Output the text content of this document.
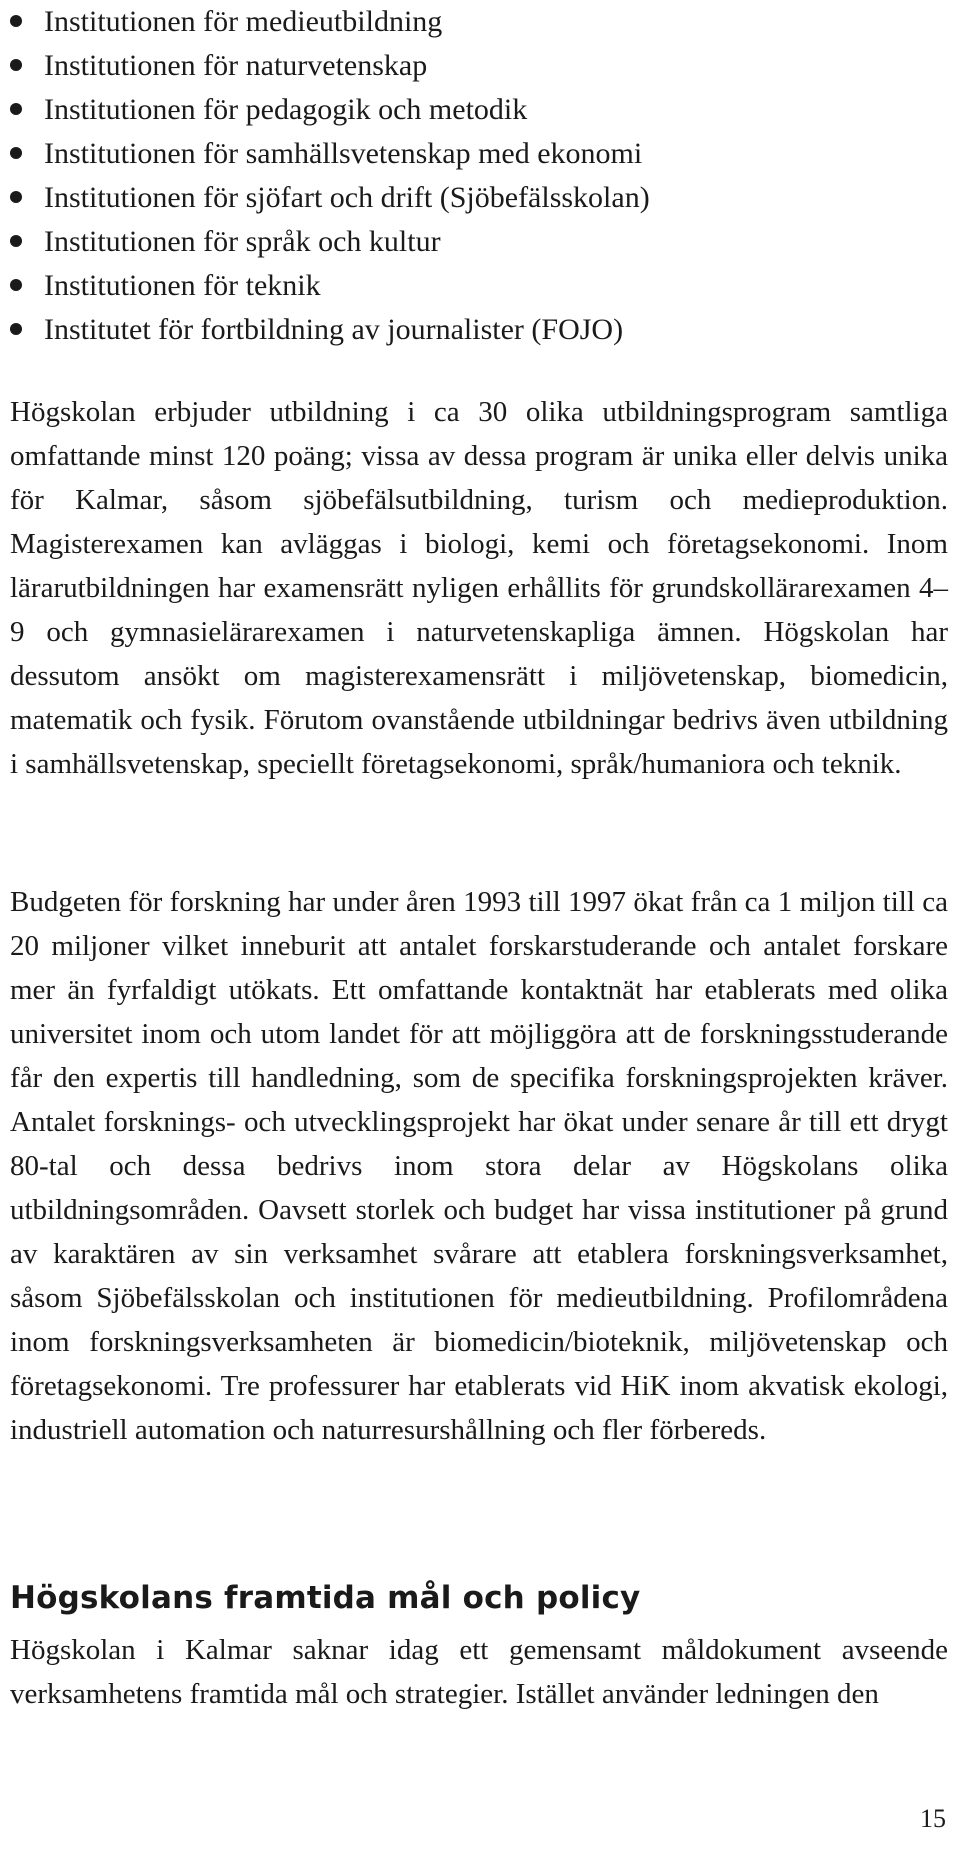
Institutionen för medieutbildning
Institutionen för naturvetenskap
Institutionen för pedagogik och metodik
Institutionen för samhällsvetenskap med ekonomi
Institutionen för sjöfart och drift (Sjöbefälsskolan)
Institutionen för språk och kultur
Institutionen för teknik
Institutet för fortbildning av journalister (FOJO)

Högskolan erbjuder utbildning i ca 30 olika utbildningsprogram samtliga omfattande minst 120 poäng; vissa av dessa program är unika eller delvis unika för Kalmar, såsom sjöbefälsutbildning, turism och medieproduktion. Magisterexamen kan avläggas i biologi, kemi och företagsekonomi. Inom lärarutbildningen har examensrätt nyligen erhållits för grundskollärarexamen 4–9 och gymnasielärarexamen i naturvetenskapliga ämnen. Högskolan har dessutom ansökt om magisterexamensrätt i miljövetenskap, biomedicin, matematik och fysik. Förutom ovanstående utbildningar bedrivs även utbildning i samhällsvetenskap, speciellt företagsekonomi, språk/humaniora och teknik.

Budgeten för forskning har under åren 1993 till 1997 ökat från ca 1 miljon till ca 20 miljoner vilket inneburit att antalet forskarstuderande och antalet forskare mer än fyrfaldigt utökats. Ett omfattande kontaktnät har etablerats med olika universitet inom och utom landet för att möjliggöra att de forskningsstuderande får den expertis till handledning, som de specifika forskningsprojekten kräver. Antalet forsknings- och utvecklingsprojekt har ökat under senare år till ett drygt 80-tal och dessa bedrivs inom stora delar av Högskolans olika utbildningsområden. Oavsett storlek och budget har vissa institutioner på grund av karaktären av sin verksamhet svårare att etablera forskningsverksamhet, såsom Sjöbefälsskolan och institutionen för medieutbildning. Profilområdena inom forskningsverksamheten är biomedicin/bioteknik, miljövetenskap och företagsekonomi. Tre professurer har etablerats vid HiK inom akvatisk ekologi, industriell automation och naturresurshållning och fler förbereds.

Högskolans framtida mål och policy

Högskolan i Kalmar saknar idag ett gemensamt måldokument avseende verksamhetens framtida mål och strategier. Istället använder ledningen den

15
